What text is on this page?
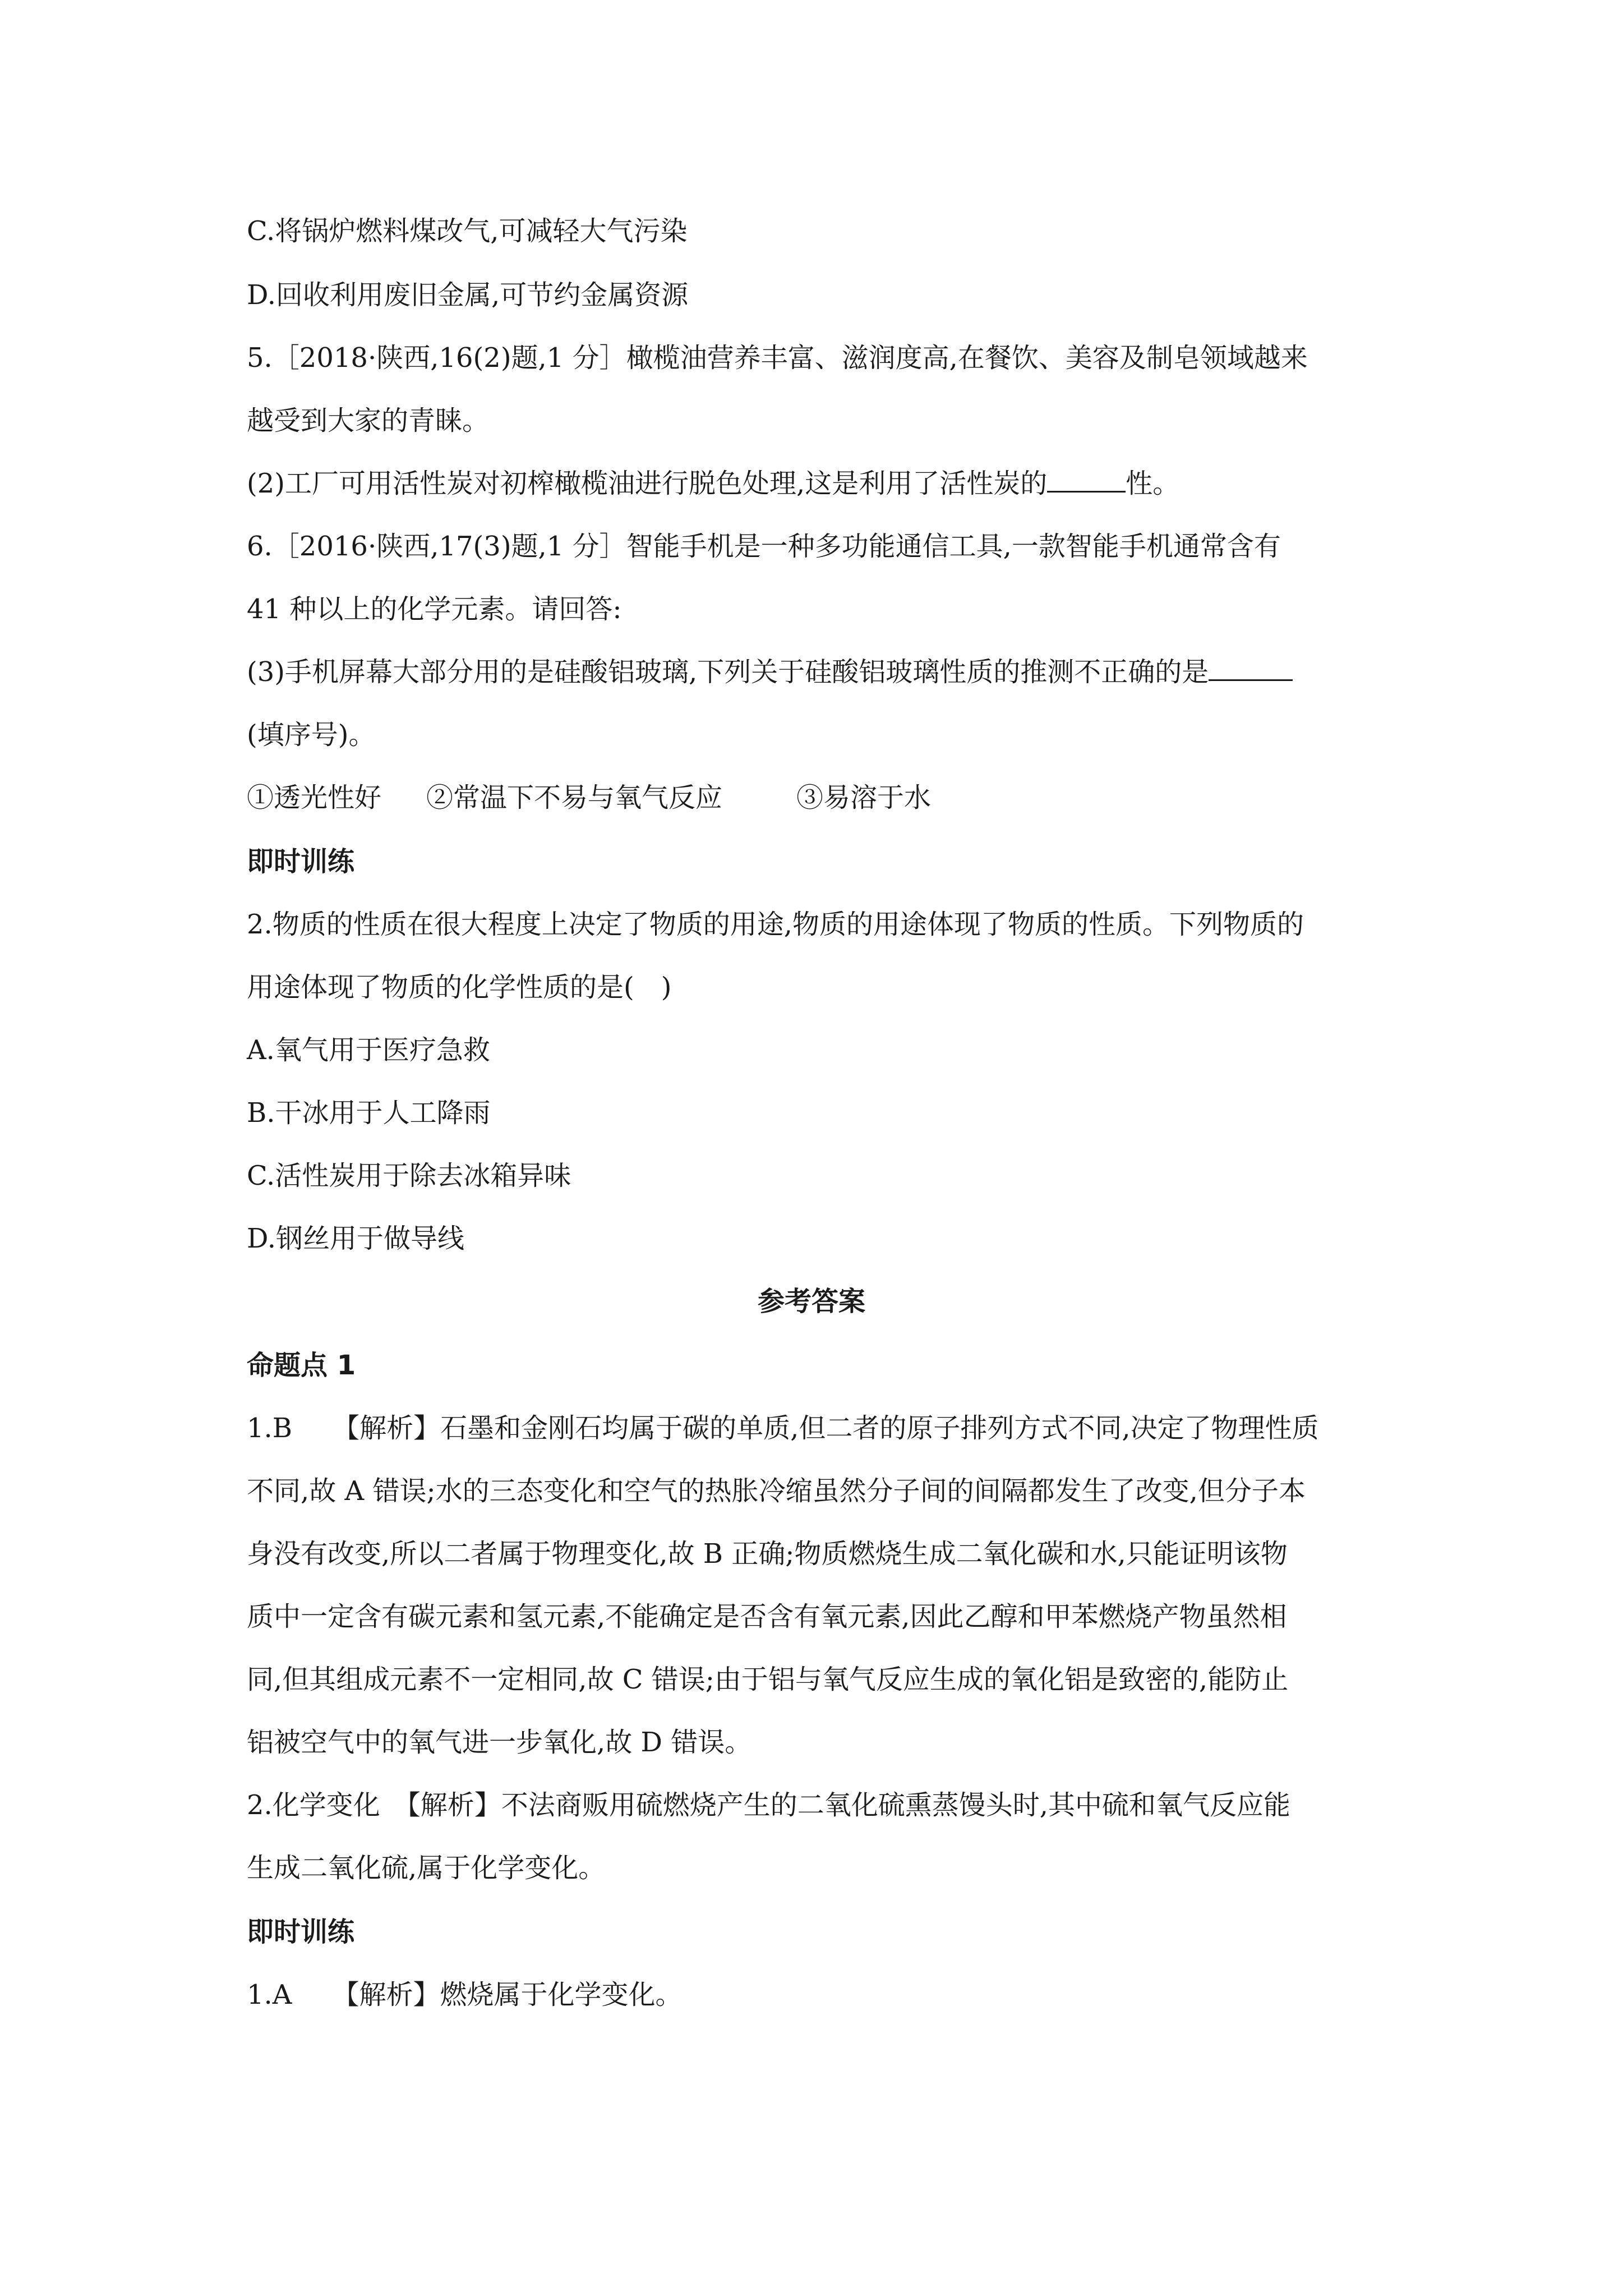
C.将锅炉燃料煤改气,可减轻大气污染
D.回收利用废旧金属,可节约金属资源
5.［2018·陕西,16(2)题,1 分］橄榄油营养丰富、滋润度高,在餐饮、美容及制皂领域越来
越受到大家的青睐。
(2)工厂可用活性炭对初榨橄榄油进行脱色处理,这是利用了活性炭的	性。
6.［2016·陕西,17(3)题,1 分］智能手机是一种多功能通信工具,一款智能手机通常含有
41 种以上的化学元素。请回答:
(3)手机屏幕大部分用的是硅酸铝玻璃,下列关于硅酸铝玻璃性质的推测不正确的是
(填序号)。
①透光性好 ②常温下不易与氧气反应	③易溶于水
即时训练
2.物质的性质在很大程度上决定了物质的用途,物质的用途体现了物质的性质。下列物质的
用途体现了物质的化学性质的是(　)
A.氧气用于医疗急救
B.干冰用于人工降雨
C.活性炭用于除去冰箱异味
D.钢丝用于做导线
参考答案
命题点 1
1.B　　【解析】石墨和金刚石均属于碳的单质,但二者的原子排列方式不同,决定了物理性质
不同,故 A 错误;水的三态变化和空气的热胀冷缩虽然分子间的间隔都发生了改变,但分子本
身没有改变,所以二者属于物理变化,故 B 正确;物质燃烧生成二氧化碳和水,只能证明该物
质中一定含有碳元素和氢元素,不能确定是否含有氧元素,因此乙醇和甲苯燃烧产物虽然相
同,但其组成元素不一定相同,故 C 错误;由于铝与氧气反应生成的氧化铝是致密的,能防止
铝被空气中的氧气进一步氧化,故 D 错误。
2.化学变化　【解析】不法商贩用硫燃烧产生的二氧化硫熏蒸馒头时,其中硫和氧气反应能
生成二氧化硫,属于化学变化。
即时训练
1.A　　【解析】燃烧属于化学变化。
